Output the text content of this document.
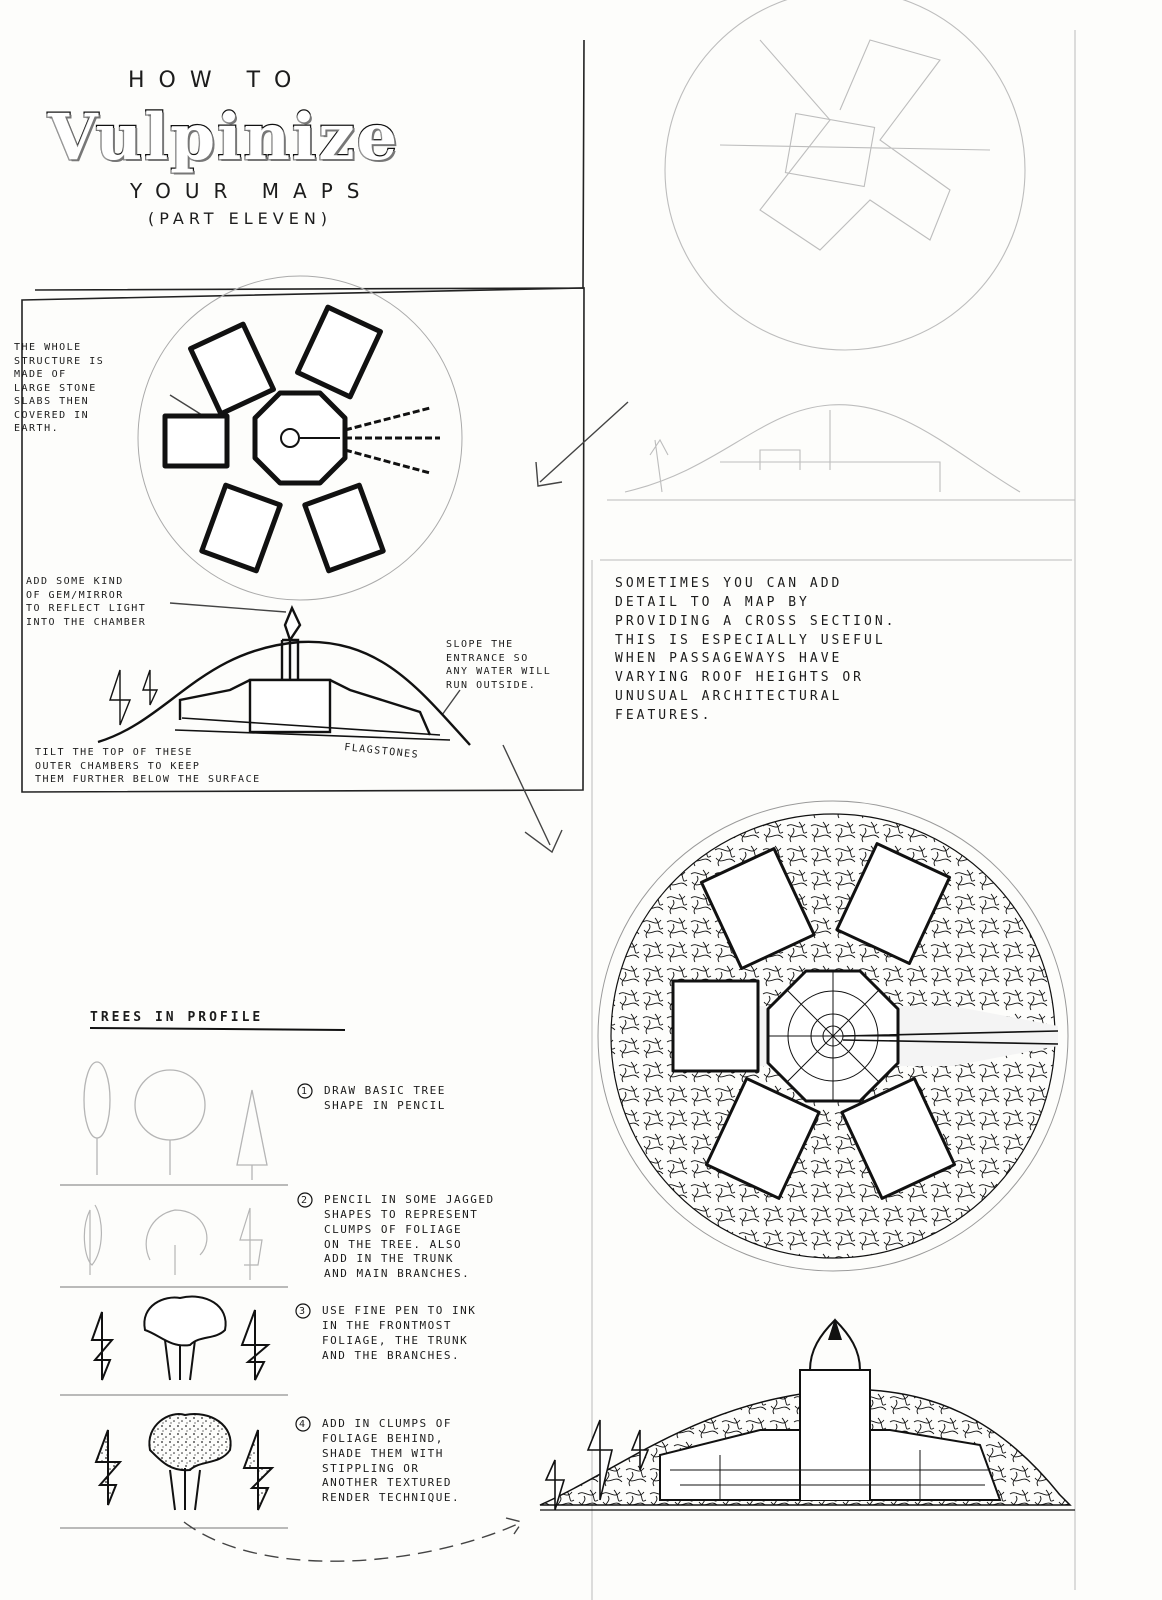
HOW TO
Vulpinize
YOUR MAPS
(PART ELEVEN)
THE WHOLE
STRUCTURE IS
MADE OF
LARGE STONE
SLABS THEN
COVERED IN
EARTH.
ADD SOME KIND
OF GEM/MIRROR
TO REFLECT LIGHT
INTO THE CHAMBER
SLOPE THE
ENTRANCE SO
ANY WATER WILL
RUN OUTSIDE.
FLAGSTONES
TILT THE TOP OF THESE
OUTER CHAMBERS TO KEEP
THEM FURTHER BELOW THE SURFACE
SOMETIMES YOU CAN ADD
DETAIL TO A MAP BY
PROVIDING A CROSS SECTION.
THIS IS ESPECIALLY USEFUL
WHEN PASSAGEWAYS HAVE
VARYING ROOF HEIGHTS OR
UNUSUAL ARCHITECTURAL
FEATURES.
TREES IN PROFILE
1 DRAW BASIC TREE
SHAPE IN PENCIL
2 PENCIL IN SOME JAGGED
SHAPES TO REPRESENT
CLUMPS OF FOLIAGE
ON THE TREE. ALSO
ADD IN THE TRUNK
AND MAIN BRANCHES.
3 USE FINE PEN TO INK
IN THE FRONTMOST
FOLIAGE, THE TRUNK
AND THE BRANCHES.
4 ADD IN CLUMPS OF
FOLIAGE BEHIND,
SHADE THEM WITH
STIPPLING OR
ANOTHER TEXTURED
RENDER TECHNIQUE.
